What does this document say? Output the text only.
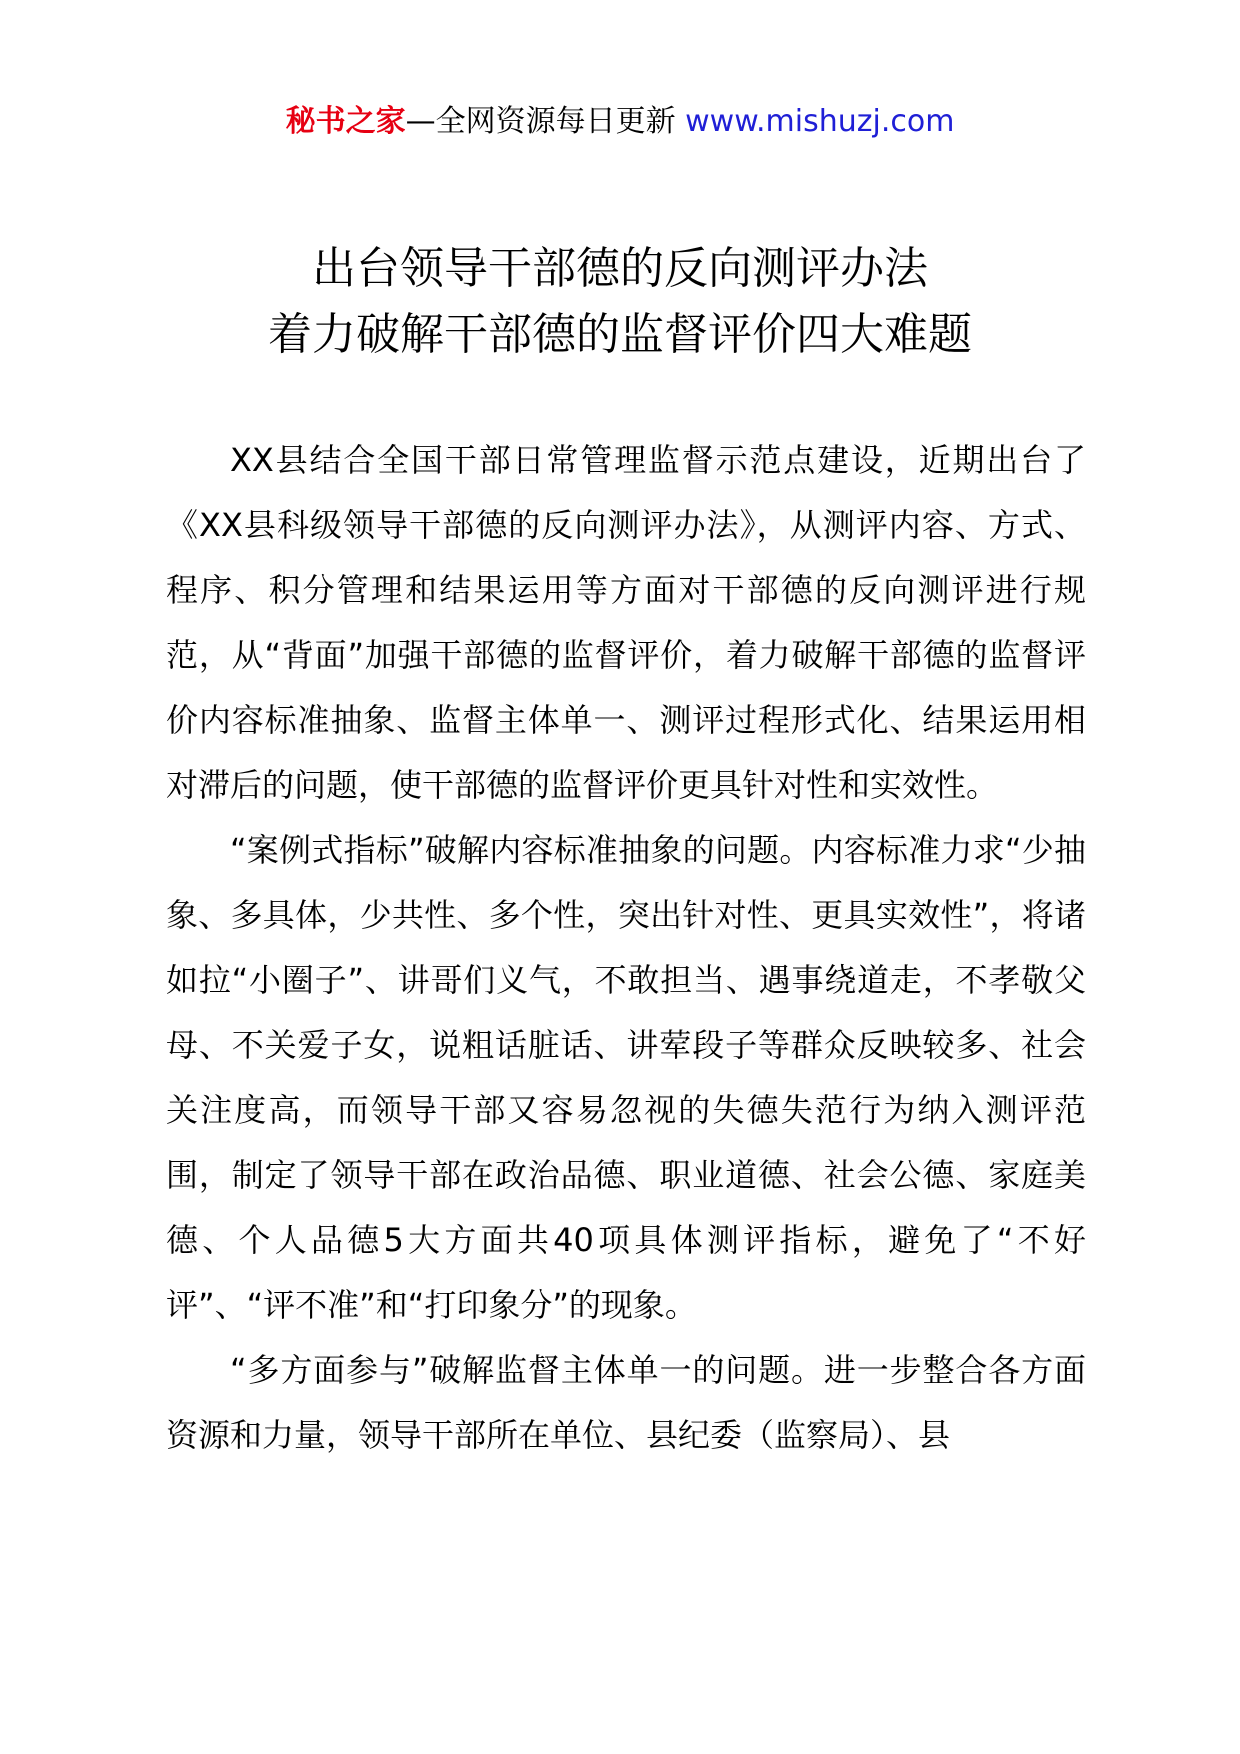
秘书之家—全网资源每日更新 www.mishuzj.com
出台领导干部德的反向测评办法
着力破解干部德的监督评价四大难题

XX县结合全国干部日常管理监督示范点建设，近期出台了《XX县科级领导干部德的反向测评办法》，从测评内容、方式、程序、积分管理和结果运用等方面对干部德的反向测评进行规范，从“背面”加强干部德的监督评价，着力破解干部德的监督评价内容标准抽象、监督主体单一、测评过程形式化、结果运用相对滞后的问题，使干部德的监督评价更具针对性和实效性。

“案例式指标”破解内容标准抽象的问题。内容标准力求“少抽象、多具体，少共性、多个性，突出针对性、更具实效性”，将诸如拉“小圈子”、讲哥们义气，不敢担当、遇事绕道走，不孝敬父母、不关爱子女，说粗话脏话、讲荤段子等群众反映较多、社会关注度高，而领导干部又容易忽视的失德失范行为纳入测评范围，制定了领导干部在政治品德、职业道德、社会公德、家庭美德、个人品德5大方面共40项具体测评指标，避免了“不好评”、“评不准”和“打印象分”的现象。

“多方面参与”破解监督主体单一的问题。进一步整合各方面资源和力量，领导干部所在单位、县纪委（监察局）、县
